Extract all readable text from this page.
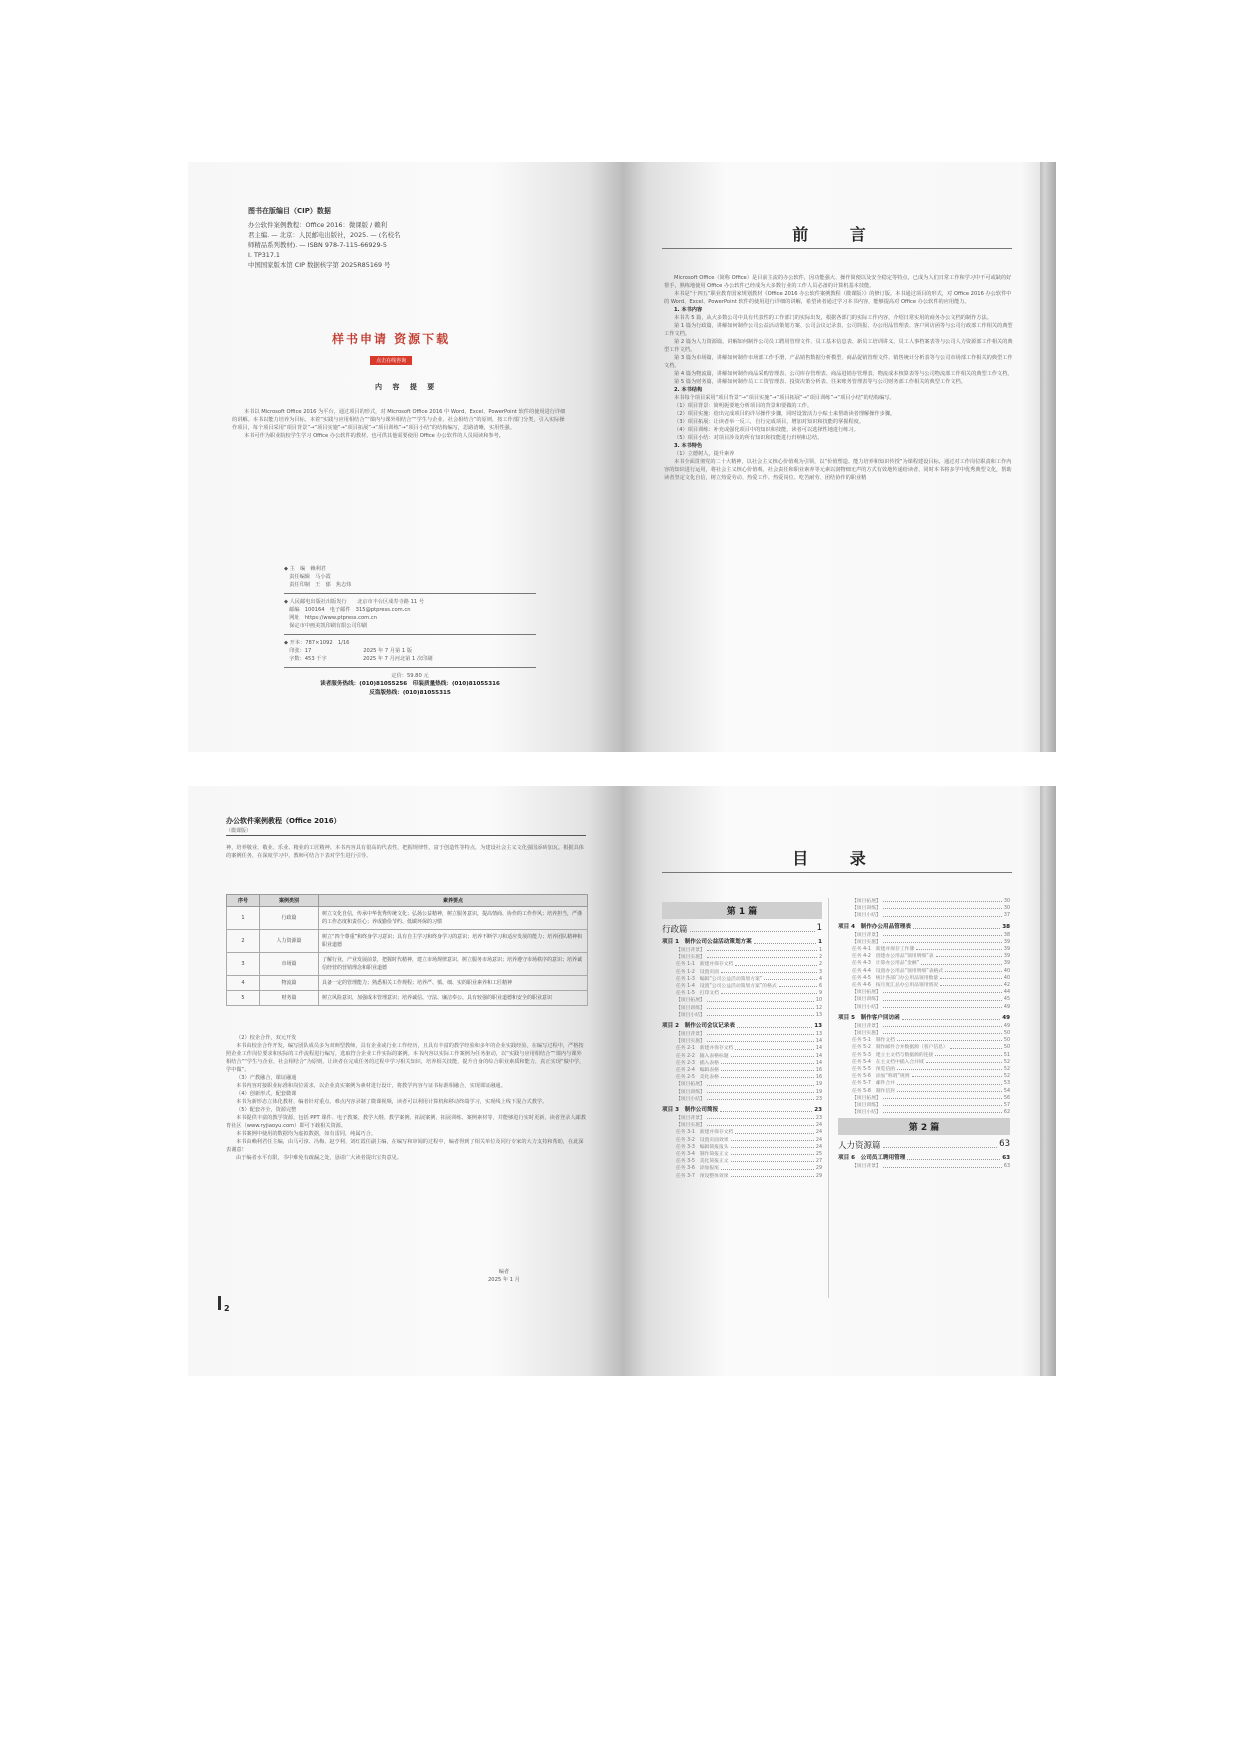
图书在版编目（CIP）数据
办公软件案例教程：Office 2016：微课版 / 赖利
君主编. — 北京：人民邮电出版社，2025. — (名校名
师精品系列教材). — ISBN 978-7-115-66929-5
Ⅰ. TP317.1
中国国家版本馆 CIP 数据核字第 2025R85169 号
样书申请 资源下载
点击在线咨询
内 容 提 要
本书以 Microsoft Office 2016 为平台，通过项目的形式，对 Microsoft Office 2016 中 Word、Excel、PowerPoint 软件的使用进行详细的讲解。本书以能力培养为目标，本着“实践与应用相结合”“课内与课外相结合”“学生与企业、社会相结合”的原则，按工作部门分类，引入实际操作项目，每个项目采用“项目背景”→“项目实施”→“项目拓展”→“项目训练”→“项目小结”的结构编写，思路清晰，实用性强。
本书可作为职业院校学生学习 Office 办公软件的教材，也可供其他需要使用 Office 办公软件的人员阅读和参考。
◆ 主　编　赖利君
　责任编辑　马小霞
　责任印制　王　郁　焦志炜
◆ 人民邮电出版社出版发行　　北京市丰台区成寿寺路 11 号
　邮编　100164　电子邮件　315@ptpress.com.cn
　网址　https://www.ptpress.com.cn
　保定市中画美凯印刷有限公司印刷
◆ 开本：787×1092　1/16
　印张：17　　　　　　　　　　2025 年 7 月第 1 版
　字数：453 千字　　　　　　　2025 年 7 月河北第 1 次印刷
定价：59.80 元
读者服务热线：(010)81055256　印装质量热线：(010)81055316
反盗版热线：(010)81055315
前 言

Microsoft Office（简称 Office）是目前主流的办公软件，因功能强大、操作简便以及安全稳定等特点，已成为人们日常工作和学习中不可或缺的好帮手，熟练地使用 Office 办公软件已经成为大多数行业的工作人员必备的计算机基本技能。

本书是“十四五”职业教育国家规划教材《Office 2016 办公软件案例教程（微课版）》的修订版。本书通过项目的形式，对 Office 2016 办公软件中的 Word、Excel、PowerPoint 软件的使用进行详细的讲解，希望读者通过学习本书内容，能够提高对 Office 办公软件的应用能力。

1. 本书内容

本书共 5 篇，从大多数公司中具有代表性的工作部门的实际出发，根据各部门的实际工作内容，介绍日常实用的商务办公文档的制作方法。

第 1 篇为行政篇，讲解如何制作公司公益活动策划方案、公司会议记录表、公司简报、办公用品管理表、客户回访函等与公司行政部工作相关的典型工作文档。

第 2 篇为人力资源篇，讲解如何制作公司员工聘用管理文件、员工基本信息表、新员工培训讲义、员工人事档案表等与公司人力资源部工作相关的典型工作文档。

第 3 篇为市场篇，讲解如何制作市场部工作手册、产品销售数据分析模型、商品促销管理文件、销售统计分析表等与公司市场部工作相关的典型工作文档。

第 4 篇为物流篇，讲解如何制作商品采购管理表、公司库存管理表、商品进销存管理表、物流成本核算表等与公司物流部工作相关的典型工作文档。

第 5 篇为财务篇，讲解如何制作员工工资管理表、投资决策分析表、往来账务管理表等与公司财务部工作相关的典型工作文档。

2. 本书结构

本书每个项目采用“项目背景”→“项目实施”→“项目拓展”→“项目训练”→“项目小结”的结构编写。

（1）项目背景：简明扼要地分析项目的背景和要做的工作。

（2）项目实施：给出完成项目的详尽操作步骤，同时设置活力小贴士来帮助读者理解操作步骤。

（3）项目拓展：让读者举一反三，自行完成项目，增加对知识和技能的掌握程度。

（4）项目训练：补充或强化项目中的知识和技能，读者可以选择性地进行练习。

（5）项目小结：对项目涉及的所有知识和技能进行归纳和总结。

3. 本书特色

（1）立德树人，提升素养

本书全面贯彻党的二十大精神，以社会主义核心价值观为引领，以“价值塑造、能力培养和知识传授”为课程建设目标，通过对工作岗位职责和工作内容的知识进行运用，将社会主义核心价值观、社会责任和职业素养等元素以润物细无声的方式有效地传递给读者，同时本书将多学中优秀典型文化，帮助读者坚定文化自信，树立热爱劳动、热爱工作、热爱岗位、吃苦耐劳、团结协作的职业精

办公软件案例教程（Office 2016）
（微课版）
神，培养敬业、敬业、乐业、精业的工匠精神。本书内容具有很高的代表性，把握规律性，富于创造性等特点，为建设社会主义文化强国添砖加瓦。根据具体的案例任务，在深度学习中，教师可结合下表对学生进行引导。
序号	案例类别	素养要点
1	行政篇	树立文化自信，传承中华优秀传统文化；弘扬公益精神，树立服务意识，提高情商、协作的工作作风；培养担当，严谨的工作态度和责任心；养成勤俭节约、低碳环保的习惯
2	人力资源篇	树立“四个尊重”和终身学习意识；具有自主学习和终身学习的意识；培养不断学习和适应发展的能力；培养团队精神和职业道德
3	市场篇	了解行业，产业发展前景，把握时代精神，建立市场规律意识，树立服务市场意识；培养遵守市场秩序的意识；培养诚信经营的营销理念和职业道德
4	物流篇	具备一定的管理能力；熟悉相关工作规程；培养严、慎、细、实的职业素养和工匠精神
5	财务篇	树立风险意识，加强成本管理意识；培养诚信、守法、廉洁奉公、具有较强的职业道德和安全的职业意识
（2）校企合作，双元开发
本书由校企合作开发，编写团队成员多为双师型教师，具有企业或行业工作经历，且具有丰富的教学经验和多年的企业实践经验。在编写过程中，严格按照企业工作岗位要求和实际的工作流程进行编写，选取符合企业工作实际的案例。本书内容以实际工作案例为任务驱动，以“实践与应用相结合”“课内与课外相结合”“学生与企业、社会相结合”为原则，让读者在完成任务的过程中学习相关知识，培养相关技能，提升自身的综合职业素质和能力，真正实现“做中学，学中做”。
（3）产教融合，课证融通
本书内容对接职业标准和岗位需求，以企业真实案例为素材进行设计，将教学内容与证书标准相融合，实现课证融通。
（4）创新形式，配套微课
本书为新形态立体化教材，编者针对重点、难点内容录制了微课视频，读者可以利用计算机和移动终端学习，实现线上线下混合式教学。
（5）配套齐全，资源完整
本书提供丰富的教学资源，包括 PPT 课件、电子教案、教学大纲、教学案例、拓展案例、拓展训练、案例素材等，并能够进行实时更新，读者登录人邮教育社区（www.ryjiaoyu.com）即可下载相关资源。
本书案例中使用的数据均为虚拟数据，如有雷同，纯属巧合。
本书由赖利君任主编，由马可淳、冯梅、赵亨利、刘红霞任副主编，在编写和审阅的过程中，编者得到了相关单位及同行专家的大力支持和帮助，在此深表谢意！
由于编者水平有限，书中难免有疏漏之处，恳请广大读者提出宝贵意见。
编者
2025 年 1 月
2
目 录
第 1 篇
行政篇	1
项目 1　制作公司公益活动策划方案	1
【项目背景】	1
【项目实施】	2
任务 1-1　新建并保存文档	2
任务 1-2　设置页面	3
任务 1-3　编辑“公司公益活动策划方案”	4
任务 1-4　设置“公司公益活动策划方案”的格式	6
任务 1-5　打印文档	9
【项目拓展】	10
【项目训练】	12
【项目小结】	13
项目 2　制作公司会议记录表	13
【项目背景】	13
【项目实施】	14
任务 2-1　新建并保存文档	14
任务 2-2　输入表格标题	14
任务 2-3　插入表格	14
任务 2-4　编辑表格	16
任务 2-5　美化表格	16
【项目拓展】	19
【项目训练】	19
【项目小结】	23
项目 3　制作公司简报	23
【项目背景】	23
【项目实施】	24
任务 3-1　新建并保存文档	24
任务 3-2　设置页面效果	24
任务 3-3　编辑简报报头	24
任务 3-4　制作简报正文	25
任务 3-5　美化简报正文	27
任务 3-6　添加报尾	29
任务 3-7　预设整体效果	29
【项目拓展】	30
【项目训练】	30
【项目小结】	37
项目 4　制作办公用品管理表	38
【项目背景】	38
【项目实施】	39
任务 4-1　新建并保存工作簿	39
任务 4-2　创建办公用品“领用明细”表	39
任务 4-3　计算办公用品“金额”	39
任务 4-4　设置办公用品“领用明细”表格式	40
任务 4-5　统计各部门办公用品领用数量	40
任务 4-6　按月度汇总办公用品领用情况	42
【项目拓展】	44
【项目训练】	45
【项目小结】	49
项目 5　制作客户回访函	49
【项目背景】	49
【项目实施】	50
任务 5-1　制作文档	50
任务 5-2　制作邮件合并数据源（客户信息）	50
任务 5-3　建立主文档与数据源的连接	51
任务 5-4　在主文档中插入合并域	52
任务 5-5　预览信函	52
任务 5-6　添加“称谓”规则	52
任务 5-7　邮件合并	53
任务 5-8　制作信封	54
【项目拓展】	56
【项目训练】	57
【项目小结】	62
第 2 篇
人力资源篇	63
项目 6　公司员工聘用管理	63
【项目背景】	63
